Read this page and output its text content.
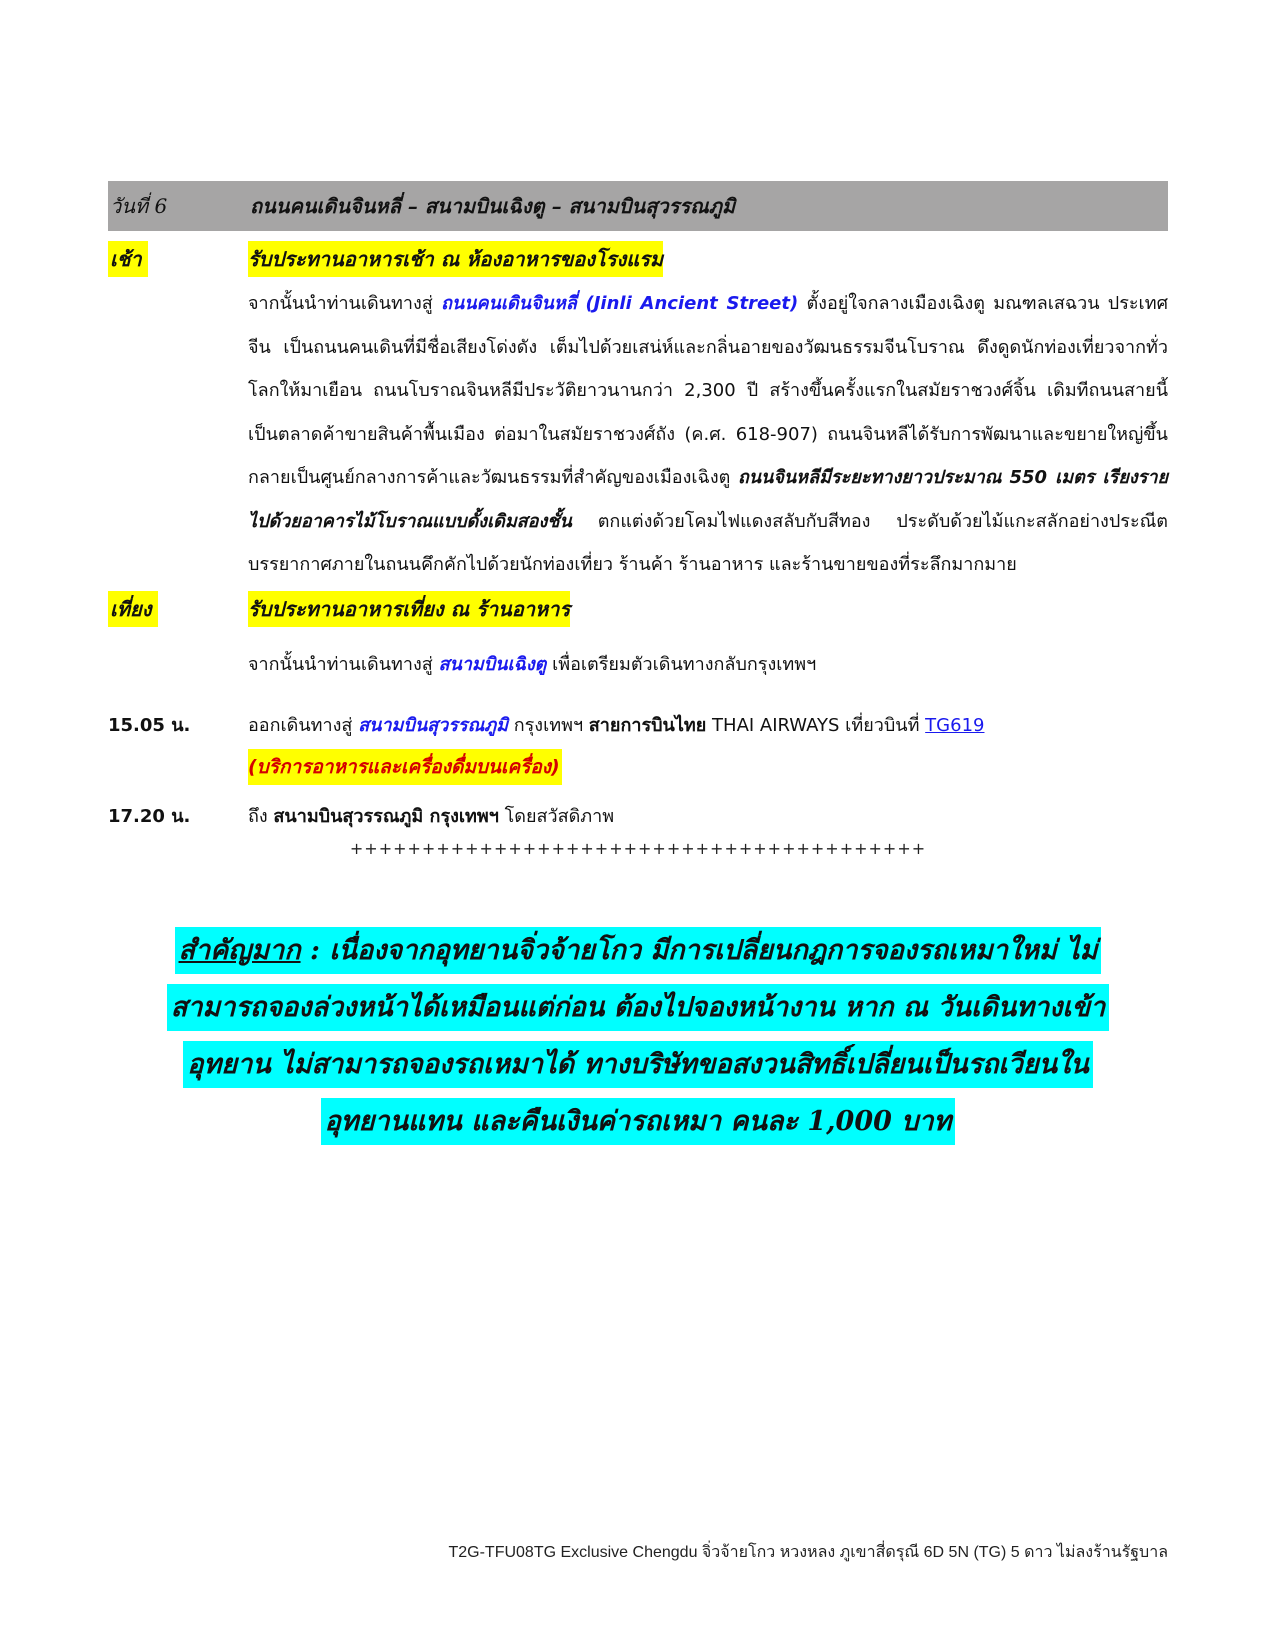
วันที่ 6	ถนนคนเดินจินหลี่ – สนามบินเฉิงตู – สนามบินสุวรรณภูมิ
เช้า	รับประทานอาหารเช้า ณ ห้องอาหารของโรงแรม
จากนั้นนำท่านเดินทางสู่ ถนนคนเดินจินหลี่ (Jinli Ancient Street) ตั้งอยู่ใจกลางเมืองเฉิงตู มณฑลเสฉวน ประเทศจีน เป็นถนนคนเดินที่มีชื่อเสียงโด่งดัง เต็มไปด้วยเสน่ห์และกลิ่นอายของวัฒนธรรมจีนโบราณ ดึงดูดนักท่องเที่ยวจากทั่วโลกให้มาเยือน ถนนโบราณจินหลีมีประวัติยาวนานกว่า 2,300 ปี สร้างขึ้นครั้งแรกในสมัยราชวงศ์จิ้น เดิมทีถนนสายนี้เป็นตลาดค้าขายสินค้าพื้นเมือง ต่อมาในสมัยราชวงศ์ถัง (ค.ศ. 618-907) ถนนจินหลีได้รับการพัฒนาและขยายใหญ่ขึ้น กลายเป็นศูนย์กลางการค้าและวัฒนธรรมที่สำคัญของเมืองเฉิงตู ถนนจินหลีมีระยะทางยาวประมาณ 550 เมตร เรียงรายไปด้วยอาคารไม้โบราณแบบดั้งเดิมสองชั้น ตกแต่งด้วยโคมไฟแดงสลับกับสีทอง ประดับด้วยไม้แกะสลักอย่างประณีต บรรยากาศภายในถนนคึกคักไปด้วยนักท่องเที่ยว ร้านค้า ร้านอาหาร และร้านขายของที่ระลึกมากมาย
เที่ยง	รับประทานอาหารเที่ยง ณ ร้านอาหาร
จากนั้นนำท่านเดินทางสู่ สนามบินเฉิงตู เพื่อเตรียมตัวเดินทางกลับกรุงเทพฯ
15.05 น.	ออกเดินทางสู่ สนามบินสุวรรณภูมิ กรุงเทพฯ สายการบินไทย THAI AIRWAYS เที่ยวบินที่ TG619
(บริการอาหารและเครื่องดื่มบนเครื่อง)
17.20 น.	ถึง สนามบินสุวรรณภูมิ กรุงเทพฯ โดยสวัสดิภาพ
++++++++++++++++++++++++++++++++++++++++
สำคัญมาก : เนื่องจากอุทยานจิ่วจ้ายโกว มีการเปลี่ยนกฎการจองรถเหมาใหม่ ไม่
สามารถจองล่วงหน้าได้เหมือนแต่ก่อน ต้องไปจองหน้างาน หาก ณ วันเดินทางเข้า
อุทยาน ไม่สามารถจองรถเหมาได้ ทางบริษัทขอสงวนสิทธิ์เปลี่ยนเป็นรถเวียนใน
อุทยานแทน และคืนเงินค่ารถเหมา คนละ 1,000 บาท
T2G-TFU08TG Exclusive Chengdu จิ่วจ้ายโกว หวงหลง ภูเขาสี่ดรุณี 6D 5N (TG) 5 ดาว ไม่ลงร้านรัฐบาล
